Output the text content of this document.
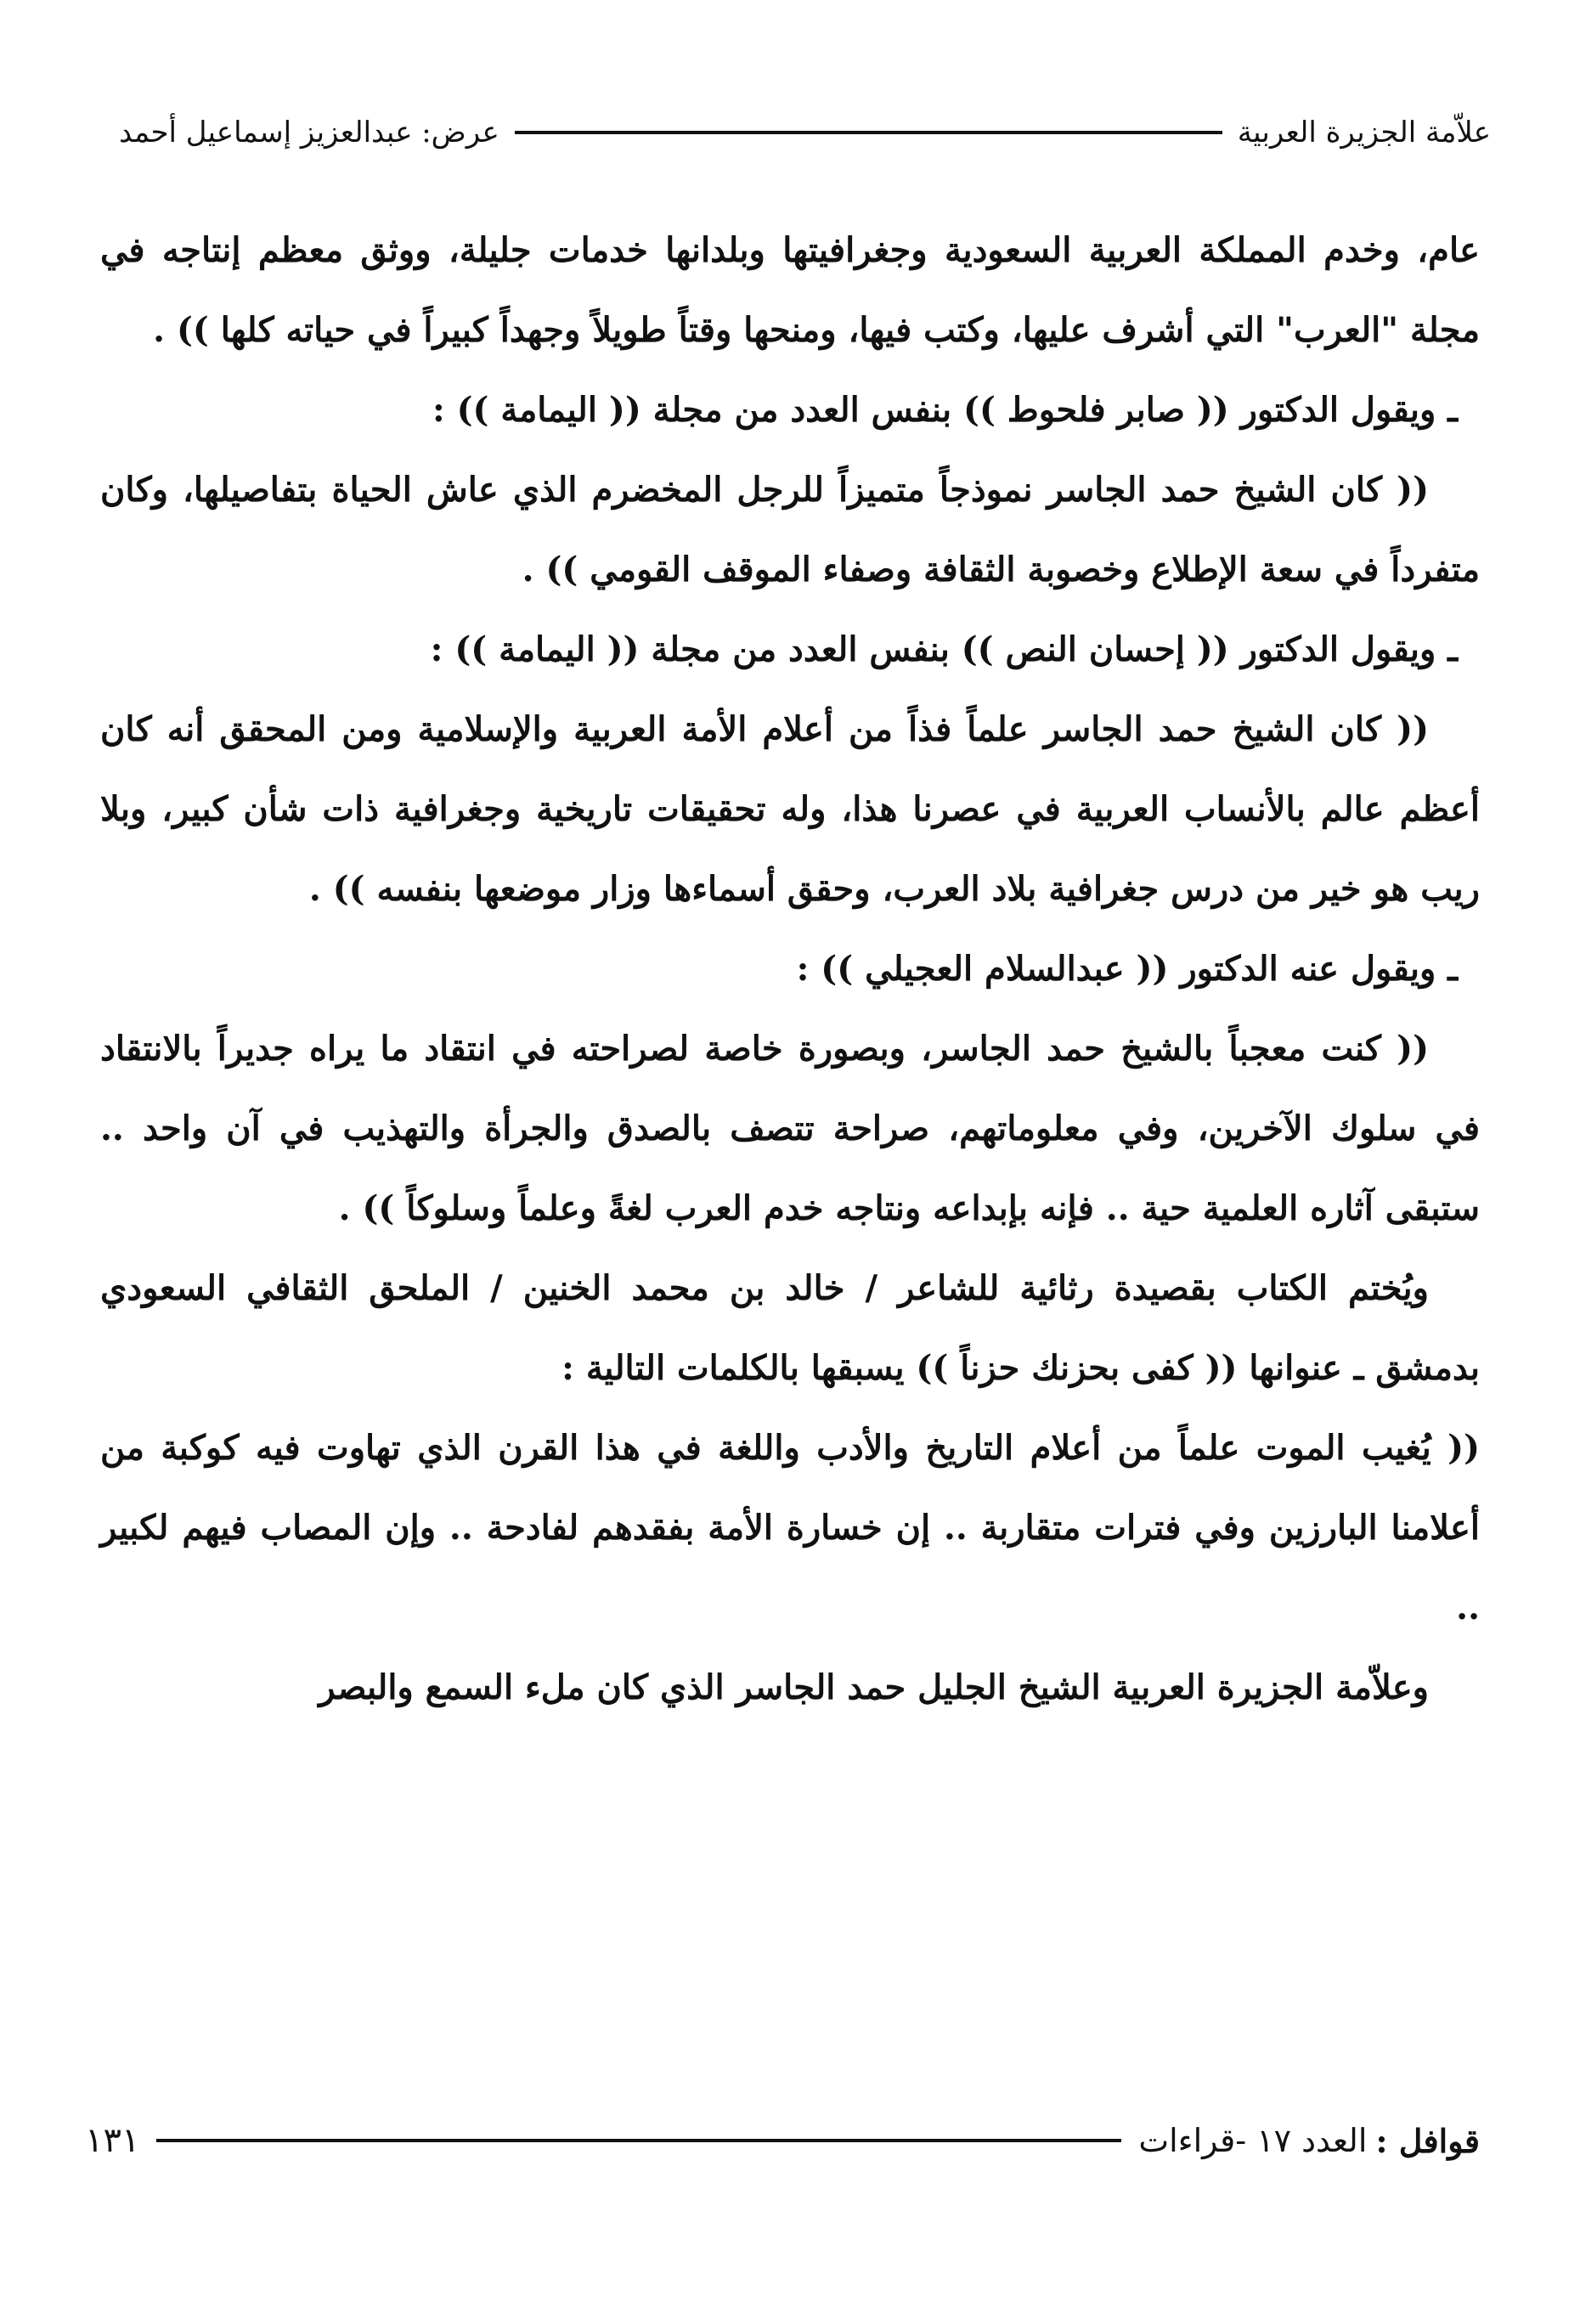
علاّمة الجزيرة العربية
عرض: عبدالعزيز إسماعيل أحمد

عام، وخدم المملكة العربية السعودية وجغرافيتها وبلدانها خدمات جليلة، ووثق معظم إنتاجه في مجلة "العرب" التي أشرف عليها، وكتب فيها، ومنحها وقتاً طويلاً وجهداً كبيراً في حياته كلها )) .

ـ ويقول الدكتور (( صابر فلحوط )) بنفس العدد من مجلة (( اليمامة )) :

(( كان الشيخ حمد الجاسر نموذجاً متميزاً للرجل المخضرم الذي عاش الحياة بتفاصيلها، وكان متفرداً في سعة الإطلاع وخصوبة الثقافة وصفاء الموقف القومي )) .

ـ ويقول الدكتور (( إحسان النص )) بنفس العدد من مجلة (( اليمامة )) :

(( كان الشيخ حمد الجاسر علماً فذاً من أعلام الأمة العربية والإسلامية ومن المحقق أنه كان أعظم عالم بالأنساب العربية في عصرنا هذا، وله تحقيقات تاريخية وجغرافية ذات شأن كبير، وبلا ريب هو خير من درس جغرافية بلاد العرب، وحقق أسماءها وزار موضعها بنفسه )) .

ـ ويقول عنه الدكتور (( عبدالسلام العجيلي )) :

(( كنت معجباً بالشيخ حمد الجاسر، وبصورة خاصة لصراحته في انتقاد ما يراه جديراً بالانتقاد في سلوك الآخرين، وفي معلوماتهم، صراحة تتصف بالصدق والجرأة والتهذيب في آن واحد .. ستبقى آثاره العلمية حية .. فإنه بإبداعه ونتاجه خدم العرب لغةً وعلماً وسلوكاً )) .

ويُختم الكتاب بقصيدة رثائية للشاعر / خالد بن محمد الخنين / الملحق الثقافي السعودي بدمشق ـ عنوانها (( كفى بحزنك حزناً )) يسبقها بالكلمات التالية :

(( يُغيب الموت علماً من أعلام التاريخ والأدب واللغة في هذا القرن الذي تهاوت فيه كوكبة من أعلامنا البارزين وفي فترات متقاربة .. إن خسارة الأمة بفقدهم لفادحة .. وإن المصاب فيهم لكبير ..

وعلاّمة الجزيرة العربية الشيخ الجليل حمد الجاسر الذي كان ملء السمع والبصر

قوافل :
العدد ١٧ -قراءات
١٣١
